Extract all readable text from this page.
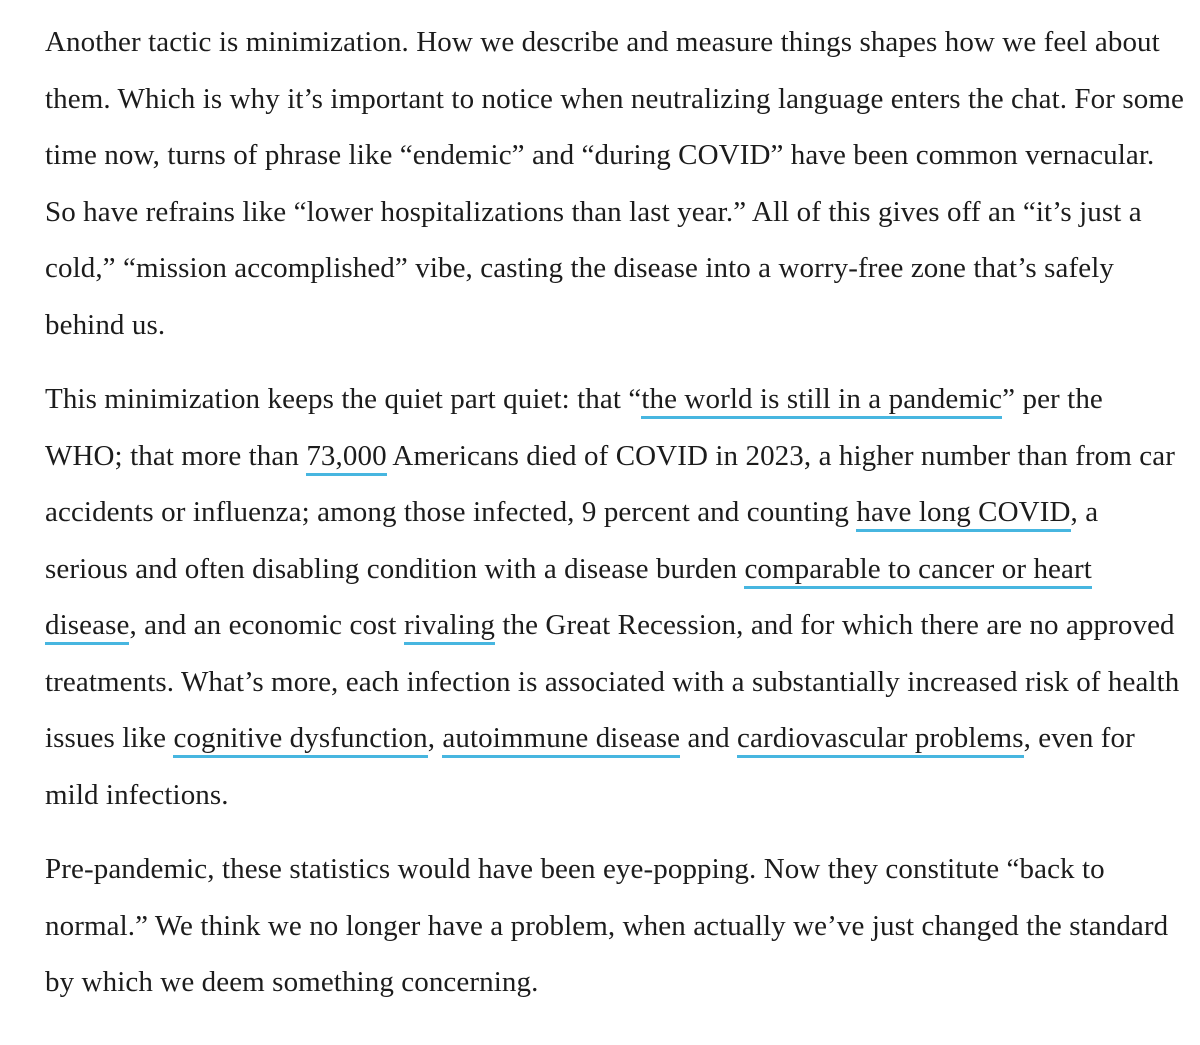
Another tactic is minimization. How we describe and measure things shapes how we feel about them. Which is why it’s important to notice when neutralizing language enters the chat. For some time now, turns of phrase like “endemic” and “during COVID” have been common vernacular. So have refrains like “lower hospitalizations than last year.” All of this gives off an “it’s just a cold,” “mission accomplished” vibe, casting the disease into a worry-free zone that’s safely behind us.

This minimization keeps the quiet part quiet: that “the world is still in a pandemic” per the WHO; that more than 73,000 Americans died of COVID in 2023, a higher number than from car accidents or influenza; among those infected, 9 percent and counting have long COVID, a serious and often disabling condition with a disease burden comparable to cancer or heart disease, and an economic cost rivaling the Great Recession, and for which there are no approved treatments. What’s more, each infection is associated with a substantially increased risk of health issues like cognitive dysfunction, autoimmune disease and cardiovascular problems, even for mild infections.

Pre-pandemic, these statistics would have been eye-popping. Now they constitute “back to normal.” We think we no longer have a problem, when actually we’ve just changed the standard by which we deem something concerning.
